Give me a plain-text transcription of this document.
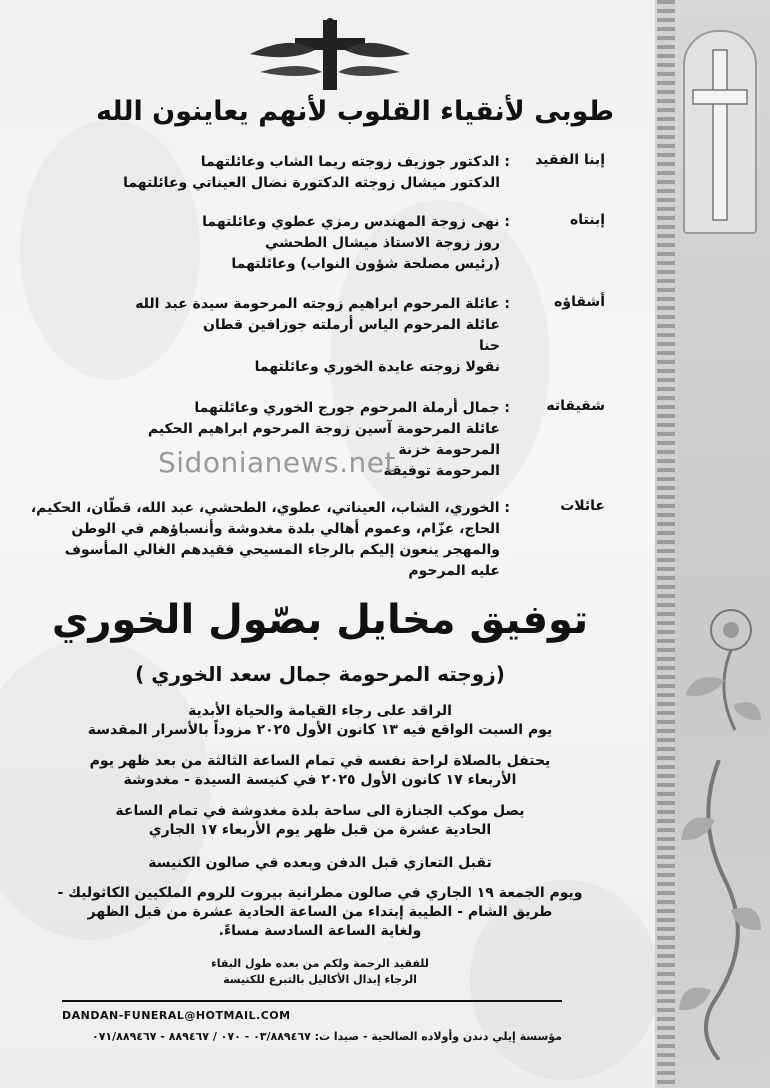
طوبى لأنقياء القلوب لأنهم يعاينون الله
إبنا الفقيد
: الدكتور جوزيف زوجته ريما الشاب وعائلتهما
الدكتور ميشال زوجته الدكتورة نضال العيناتي وعائلتهما
إبنتاه
: نهى زوجة المهندس رمزي عطوي وعائلتهما
روز زوجة الاستاذ ميشال الطحشي
(رئيس مصلحة شؤون النواب) وعائلتهما
أشقاؤه
: عائلة المرحوم ابراهيم زوجته المرحومة سيدة عبد الله
عائلة المرحوم الياس أرملته جوزافين قطان
حنا
نقولا زوجته عايدة الخوري وعائلتهما
شقيقاته
: جمال أرملة المرحوم جورج الخوري وعائلتهما
عائلة المرحومة آسين زوجة المرحوم ابراهيم الحكيم
المرحومة خزنة
المرحومة توفيقة
Sidonianews.net
عائلات
: الخوري، الشاب، العيناتي، عطوي، الطحشي، عبد الله، قطّان، الحكيم،
الحاج، عزّام، وعموم أهالي بلدة مغدوشة وأنسباؤهم في الوطن
والمهجر ينعون إليكم بالرجاء المسيحي فقيدهم الغالي المأسوف
عليه المرحوم
توفيق مخايل بصّول الخوري
(زوجته المرحومة جمال سعد الخوري )
الراقد على رجاء القيامة والحياة الأبدية
يوم السبت الواقع فيه ١٣ كانون الأول ٢٠٢٥ مزوداً بالأسرار المقدسة
يحتفل بالصلاة لراحة نفسه في تمام الساعة الثالثة من بعد ظهر يوم
الأربعاء ١٧ كانون الأول ٢٠٢٥ في كنيسة السيدة - مغدوشة
يصل موكب الجنازة الى ساحة بلدة مغدوشة في تمام الساعة
الحادية عشرة من قبل ظهر يوم الأربعاء ١٧ الجاري
تقبل التعازي قبل الدفن وبعده في صالون الكنيسة
ويوم الجمعة ١٩ الجاري في صالون مطرانية بيروت للروم الملكيين الكاثوليك -
طريق الشام - الطيبة إبتداء من الساعة الحادية عشرة من قبل الظهر
ولغاية الساعة السادسة مساءً.
للفقيد الرحمة ولكم من بعده طول البقاء
الرجاء إبدال الأكاليل بالتبرع للكنيسة
DANDAN-FUNERAL@HOTMAIL.COM
مؤسسة إيلي دندن وأولاده الصالحية - صيدا ت: ٠٣/٨٨٩٤٦٧ - ٠٧٠ / ٨٨٩٤٦٧ - ٠٧١/٨٨٩٤٦٧
